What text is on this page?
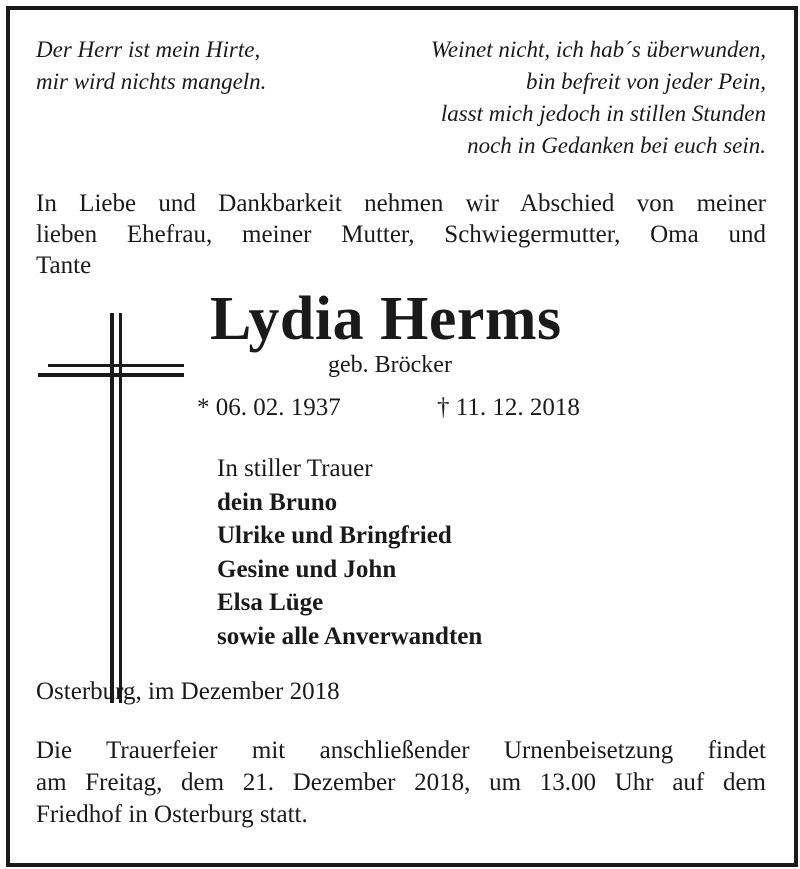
Der Herr ist mein Hirte,
mir wird nichts mangeln.
Weinet nicht, ich hab´s überwunden,
bin befreit von jeder Pein,
lasst mich jedoch in stillen Stunden
noch in Gedanken bei euch sein.
In Liebe und Dankbarkeit nehmen wir Abschied von meiner
lieben Ehefrau, meiner Mutter, Schwiegermutter, Oma und
Tante
Lydia Herms
geb. Bröcker
* 06. 02. 1937	† 11. 12. 2018
In stiller Trauer
dein Bruno
Ulrike und Bringfried
Gesine und John
Elsa Lüge
sowie alle Anverwandten
Osterburg, im Dezember 2018
Die Trauerfeier mit anschließender Urnenbeisetzung findet
am Freitag, dem 21. Dezember 2018, um 13.00 Uhr auf dem
Friedhof in Osterburg statt.
